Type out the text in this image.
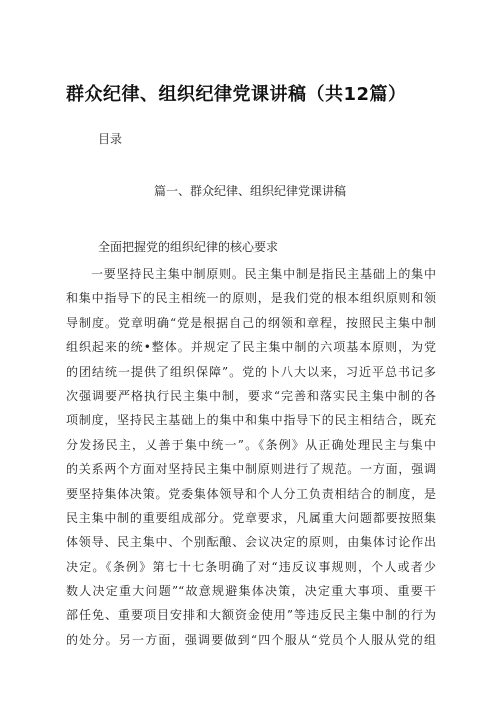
群众纪律、组织纪律党课讲稿（共12篇）
目录
篇一、群众纪律、组织纪律党课讲稿
全面把握党的组织纪律的核心要求
一要坚持民主集中制原则。民主集中制是指民主基础上的集中
和集中指导下的民主相统一的原则，是我们党的根本组织原则和领
导制度。党章明确“党是根据自己的纲领和章程，按照民主集中制
组织起来的统•整体。并规定了民主集中制的六项基本原则，为党
的团结统一提供了组织保障”。党的卜八大以来，习近平总书记多
次强调要严格执行民主集中制，要求“完善和落实民主集中制的各
项制度，坚持民主基础上的集中和集中指导下的民主相结合，既充
分发扬民主，乂善于集中统一”。《条例》从正确处理民主与集中
的关系两个方面对坚持民主集中制原则进行了规范。一方面，强调
要坚持集体决策。党委集体领导和个人分工负责相结合的制度，是
民主集中制的重要组成部分。党章要求，凡属重大问题都要按照集
体领导、民主集中、个别酝酿、会议决定的原则，由集体讨论作出
决定。《条例》第七十七条明确了对“违反议事规则，个人或者少
数人决定重大问题”“故意规避集体决策，决定重大事项、重要干
部任免、重要项目安排和大额资金使用”等违反民主集中制的行为
的处分。另一方面，强调要做到“四个服从“党员个人服从党的组
